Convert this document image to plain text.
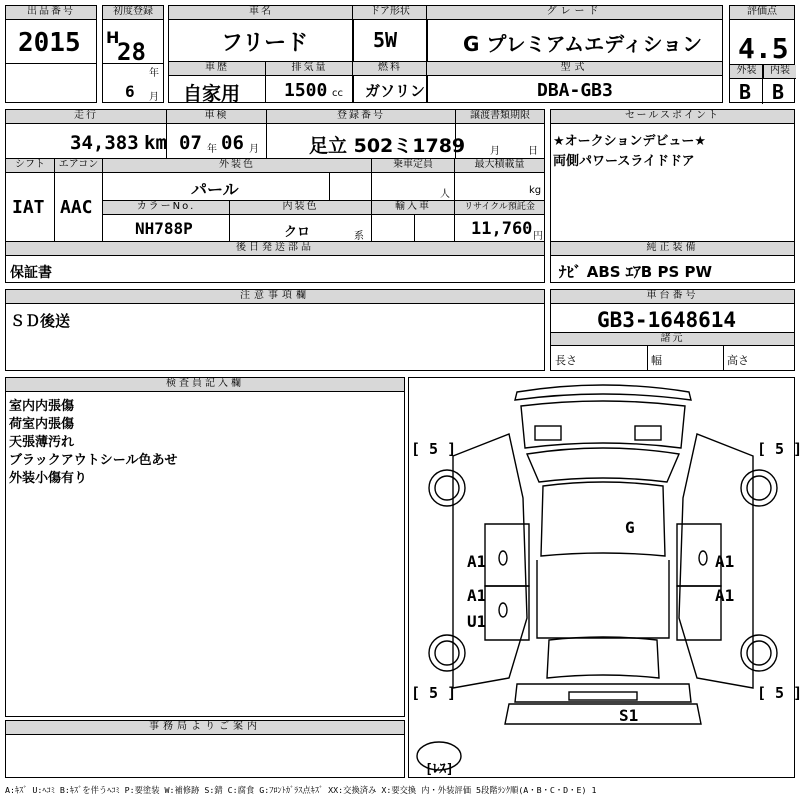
出品番号
2015
初度登録
H
28
年
6 月
車名
フリード
ドア形状
5W
グレード
G プレミアムエディション
評価点
4.5
外装	内装
B B
車歴
自家用
排気量
1500 cc
燃料
ガソリン
型式
DBA-GB3
走行
34,383 km
車検
07 年 06 月
登録番号
足立 502ミ1789
譲渡書類期限
月	日
セールスポイント
★オークションデビュー★
両側パワースライドドア
シフト
IAT
エアコン
AAC
外装色
パール
乗車定員
人
最大積載量
kg
カラーNo.
NH788P
内装色
クロ	系
輸入車	リサイクル預託金
11,760 円
後日発送部品
保証書
純正装備
ﾅﾋﾞ ABS ｴｱB PS PW
注意事項欄
ＳＤ後送
車台番号
GB3-1648614
諸元
長さ	幅	高さ
検査員記入欄
室内内張傷
荷室内張傷
天張薄汚れ
ブラックアウトシール色あせ
外装小傷有り
事務局よりご案内
[ 5 ]	[ 5 ]
[ 5 ]	[ 5 ]
[ﾚｽ]
G
A1	A1
A1
U1
A1
S1
A:ｷｽﾞ U:ﾍｺﾐ B:ｷｽﾞを伴うﾍｺﾐ P:要塗装 W:補修跡 S:錆 C:腐食 G:ﾌﾛﾝﾄｶﾞﾗｽ点ｷｽﾞ XX:交換済み X:要交換 内・外装評価 5段階ﾗﾝｸ順(A・B・C・D・E) 1
